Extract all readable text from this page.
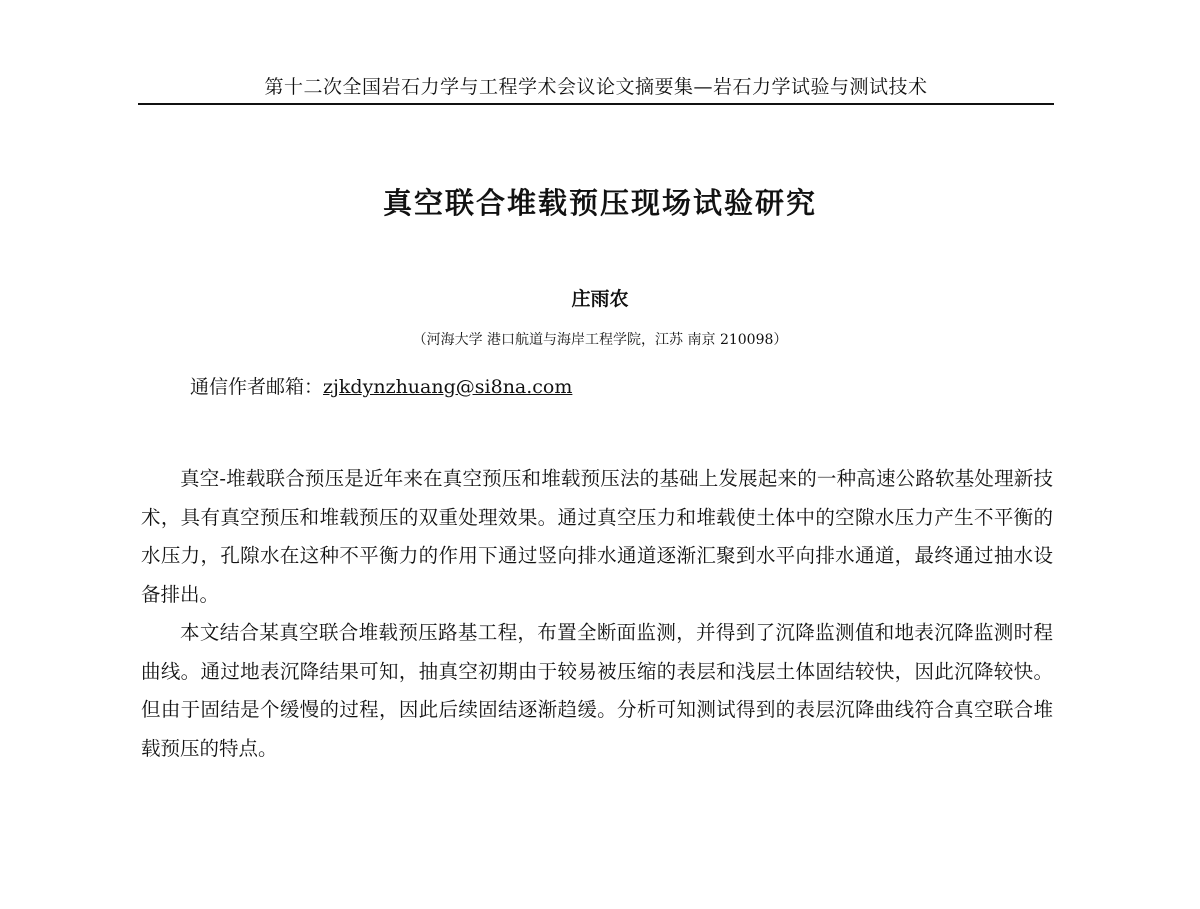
第十二次全国岩石力学与工程学术会议论文摘要集—岩石力学试验与测试技术
真空联合堆载预压现场试验研究
庄雨农
（河海大学 港口航道与海岸工程学院，江苏 南京 210098）
通信作者邮箱：zjkdynzhuang@si8na.com

真空-堆载联合预压是近年来在真空预压和堆载预压法的基础上发展起来的一种高速公路软基处理新技术，具有真空预压和堆载预压的双重处理效果。通过真空压力和堆载使土体中的空隙水压力产生不平衡的水压力，孔隙水在这种不平衡力的作用下通过竖向排水通道逐渐汇聚到水平向排水通道，最终通过抽水设备排出。

本文结合某真空联合堆载预压路基工程，布置全断面监测，并得到了沉降监测值和地表沉降监测时程曲线。通过地表沉降结果可知，抽真空初期由于较易被压缩的表层和浅层土体固结较快，因此沉降较快。但由于固结是个缓慢的过程，因此后续固结逐渐趋缓。分析可知测试得到的表层沉降曲线符合真空联合堆载预压的特点。
